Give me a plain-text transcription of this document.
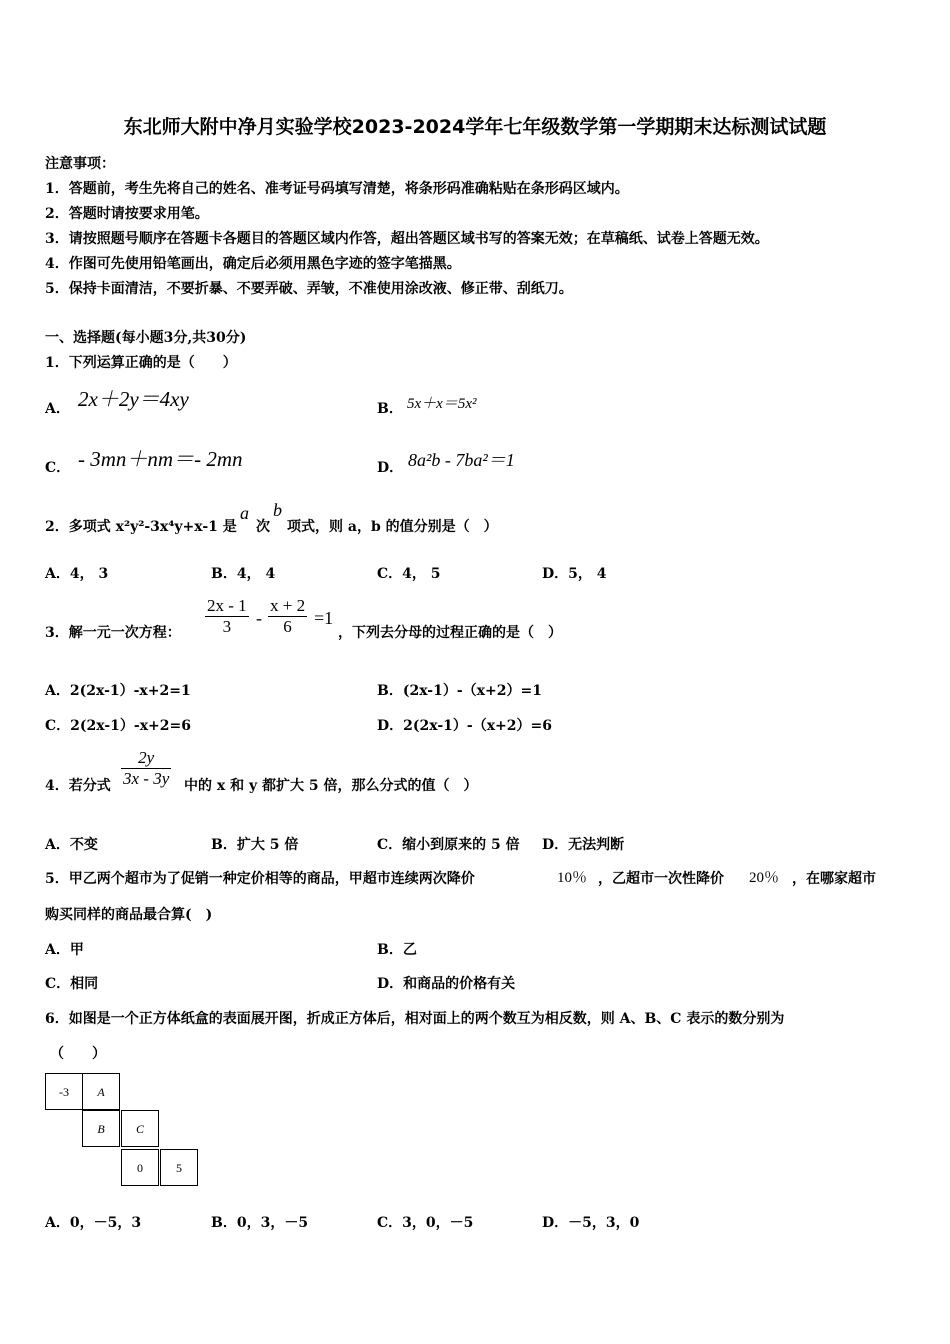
东北师大附中净月实验学校2023-2024学年七年级数学第一学期期末达标测试试题
注意事项：
1．答题前，考生先将自己的姓名、准考证号码填写清楚，将条形码准确粘贴在条形码区域内。
2．答题时请按要求用笔。
3．请按照题号顺序在答题卡各题目的答题区域内作答，超出答题区域书写的答案无效；在草稿纸、试卷上答题无效。
4．作图可先使用铅笔画出，确定后必须用黑色字迹的签字笔描黑。
5．保持卡面清洁，不要折暴、不要弄破、弄皱，不准使用涂改液、修正带、刮纸刀。
一、选择题(每小题3分,共30分)
1．下列运算正确的是（　　）
A． 2x＋2y＝4xy	B． 5x＋x＝5x²
C． - 3mn＋nm＝- 2mn	D． 8a²b - 7ba²＝1
2．多项式 x²y²-3x⁴y+x-1 是
a
次
b
项式，则 a，b 的值分别是（　）
A．4， 3	B．4， 4	C．4， 5	D．5， 4
3．解一元一次方程： $\frac{2x - 1}{3} - \frac{x + 2}{6} =1$
，下列去分母的过程正确的是（　）
A．2(2x-1）-x+2=1	B．(2x-1）-（x+2）=1
C．2(2x-1）-x+2=6	D．2(2x-1）-（x+2）=6
4．若分式 $\frac{2y}{3x - 3y}$ 中的 x 和 y 都扩大 5 倍，那么分式的值（　）
A．不变	B．扩大 5 倍	C．缩小到原来的 5 倍 D．无法判断
5．甲乙两个超市为了促销一种定价相等的商品，甲超市连续两次降价	10％ ，乙超市一次性降价 20％ ，在哪家超市
购买同样的商品最合算(　)
A．甲	B．乙
C．相同	D．和商品的价格有关
6．如图是一个正方体纸盒的表面展开图，折成正方体后，相对面上的两个数互为相反数，则 A、B、C 表示的数分别为
（　　）
-3	A
B	C
0	5
A．0，－5，3	B．0，3，－5	C．3，0，－5	D．－5，3，0
